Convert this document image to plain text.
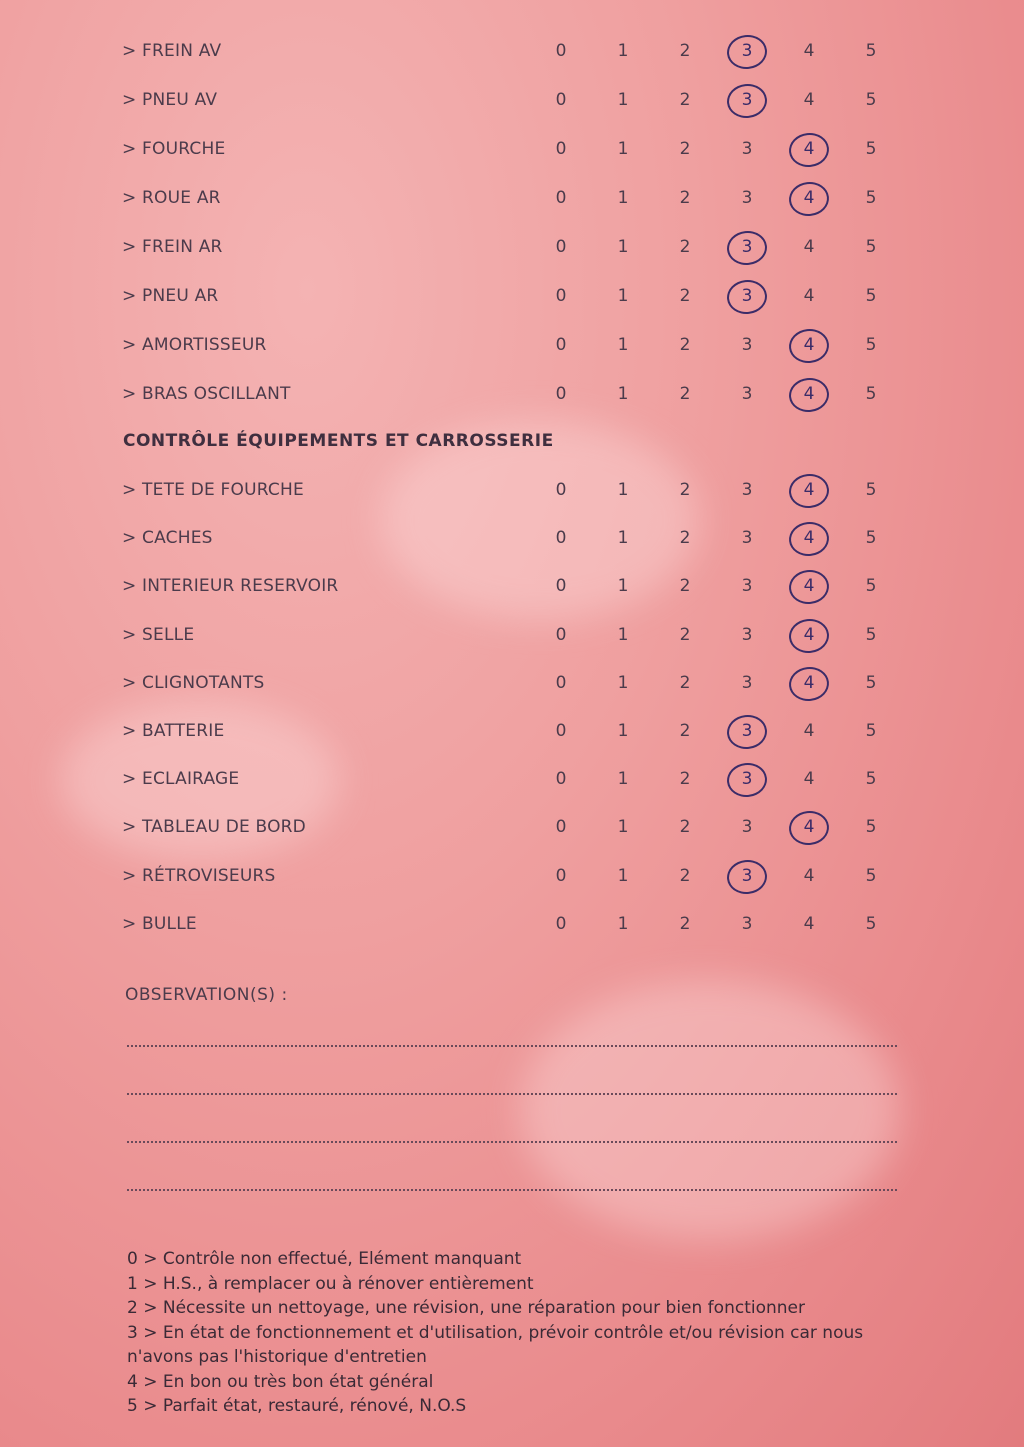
> FREIN AV	0	1	2	3	4	5
> PNEU AV	0	1	2	3	4	5
> FOURCHE	0	1	2	3	4	5
> ROUE AR	0	1	2	3	4	5
> FREIN AR	0	1	2	3	4	5
> PNEU AR	0	1	2	3	4	5
> AMORTISSEUR	0	1	2	3	4	5
> BRAS OSCILLANT	0	1	2	3	4	5
CONTRÔLE ÉQUIPEMENTS ET CARROSSERIE
> TETE DE FOURCHE	0	1	2	3	4	5
> CACHES	0	1	2	3	4	5
> INTERIEUR RESERVOIR	0	1	2	3	4	5
> SELLE	0	1	2	3	4	5
> CLIGNOTANTS	0	1	2	3	4	5
> BATTERIE	0	1	2	3	4	5
> ECLAIRAGE	0	1	2	3	4	5
> TABLEAU DE BORD	0	1	2	3	4	5
> RÉTROVISEURS	0	1	2	3	4	5
> BULLE	0	1	2	3	4	5
OBSERVATION(S) :

0 > Contrôle non effectué, Elément manquant

1 > H.S., à remplacer ou à rénover entièrement

2 > Nécessite un nettoyage, une révision, une réparation pour bien fonctionner

3 > En état de fonctionnement et d'utilisation, prévoir contrôle et/ou révision car nous

n'avons pas l'historique d'entretien

4 > En bon ou très bon état général

5 > Parfait état, restauré, rénové, N.O.S
